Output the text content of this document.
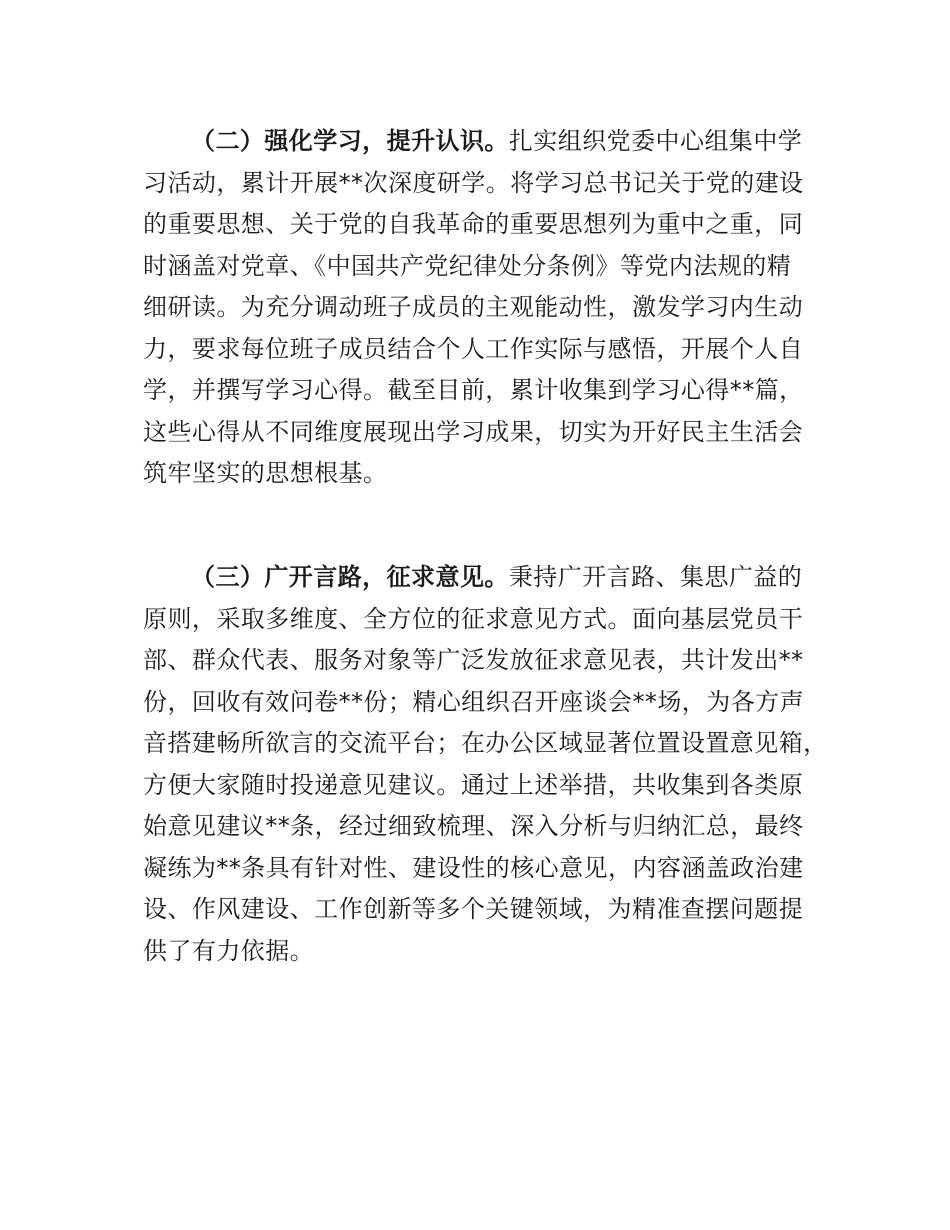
（二）强化学习，提升认识。扎实组织党委中心组集中学
习活动，累计开展**次深度研学。将学习总书记关于党的建设
的重要思想、关于党的自我革命的重要思想列为重中之重，同
时涵盖对党章、《中国共产党纪律处分条例》等党内法规的精
细研读。为充分调动班子成员的主观能动性，激发学习内生动
力，要求每位班子成员结合个人工作实际与感悟，开展个人自
学，并撰写学习心得。截至目前，累计收集到学习心得**篇，
这些心得从不同维度展现出学习成果，切实为开好民主生活会
筑牢坚实的思想根基。

（三）广开言路，征求意见。秉持广开言路、集思广益的
原则，采取多维度、全方位的征求意见方式。面向基层党员干
部、群众代表、服务对象等广泛发放征求意见表，共计发出**
份，回收有效问卷**份；精心组织召开座谈会**场，为各方声
音搭建畅所欲言的交流平台；在办公区域显著位置设置意见箱，
方便大家随时投递意见建议。通过上述举措，共收集到各类原
始意见建议**条，经过细致梳理、深入分析与归纳汇总，最终
凝练为**条具有针对性、建设性的核心意见，内容涵盖政治建
设、作风建设、工作创新等多个关键领域，为精准查摆问题提
供了有力依据。
